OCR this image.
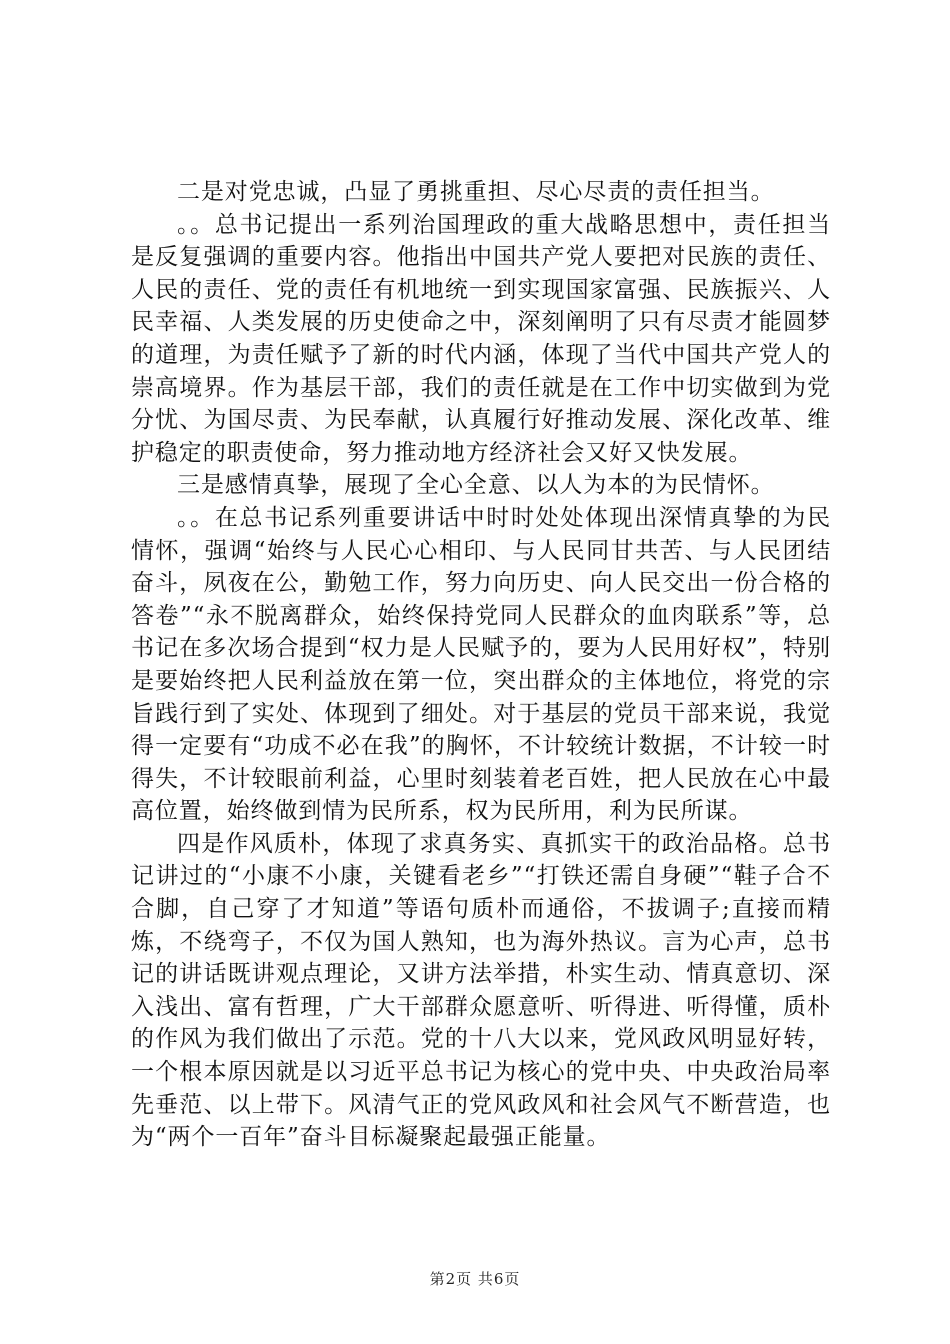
二是对党忠诚，凸显了勇挑重担、尽心尽责的责任担当。

。。总书记提出一系列治国理政的重大战略思想中，责任担当是反复强调的重要内容。他指出中国共产党人要把对民族的责任、人民的责任、党的责任有机地统一到实现国家富强、民族振兴、人民幸福、人类发展的历史使命之中，深刻阐明了只有尽责才能圆梦的道理，为责任赋予了新的时代内涵，体现了当代中国共产党人的崇高境界。作为基层干部，我们的责任就是在工作中切实做到为党分忧、为国尽责、为民奉献，认真履行好推动发展、深化改革、维护稳定的职责使命，努力推动地方经济社会又好又快发展。

三是感情真挚，展现了全心全意、以人为本的为民情怀。

。。在总书记系列重要讲话中时时处处体现出深情真挚的为民情怀，强调“始终与人民心心相印、与人民同甘共苦、与人民团结奋斗，夙夜在公，勤勉工作，努力向历史、向人民交出一份合格的答卷”“永不脱离群众，始终保持党同人民群众的血肉联系”等，总书记在多次场合提到“权力是人民赋予的，要为人民用好权”，特别是要始终把人民利益放在第一位，突出群众的主体地位，将党的宗旨践行到了实处、体现到了细处。对于基层的党员干部来说，我觉得一定要有“功成不必在我”的胸怀，不计较统计数据，不计较一时得失，不计较眼前利益，心里时刻装着老百姓，把人民放在心中最高位置，始终做到情为民所系，权为民所用，利为民所谋。

四是作风质朴，体现了求真务实、真抓实干的政治品格。总书记讲过的“小康不小康，关键看老乡”“打铁还需自身硬”“鞋子合不合脚，自己穿了才知道”等语句质朴而通俗，不拔调子;直接而精炼，不绕弯子，不仅为国人熟知，也为海外热议。言为心声，总书记的讲话既讲观点理论，又讲方法举措，朴实生动、情真意切、深入浅出、富有哲理，广大干部群众愿意听、听得进、听得懂，质朴的作风为我们做出了示范。党的十八大以来，党风政风明显好转，一个根本原因就是以习近平总书记为核心的党中央、中央政治局率先垂范、以上带下。风清气正的党风政风和社会风气不断营造，也为“两个一百年”奋斗目标凝聚起最强正能量。

第2页 共6页
